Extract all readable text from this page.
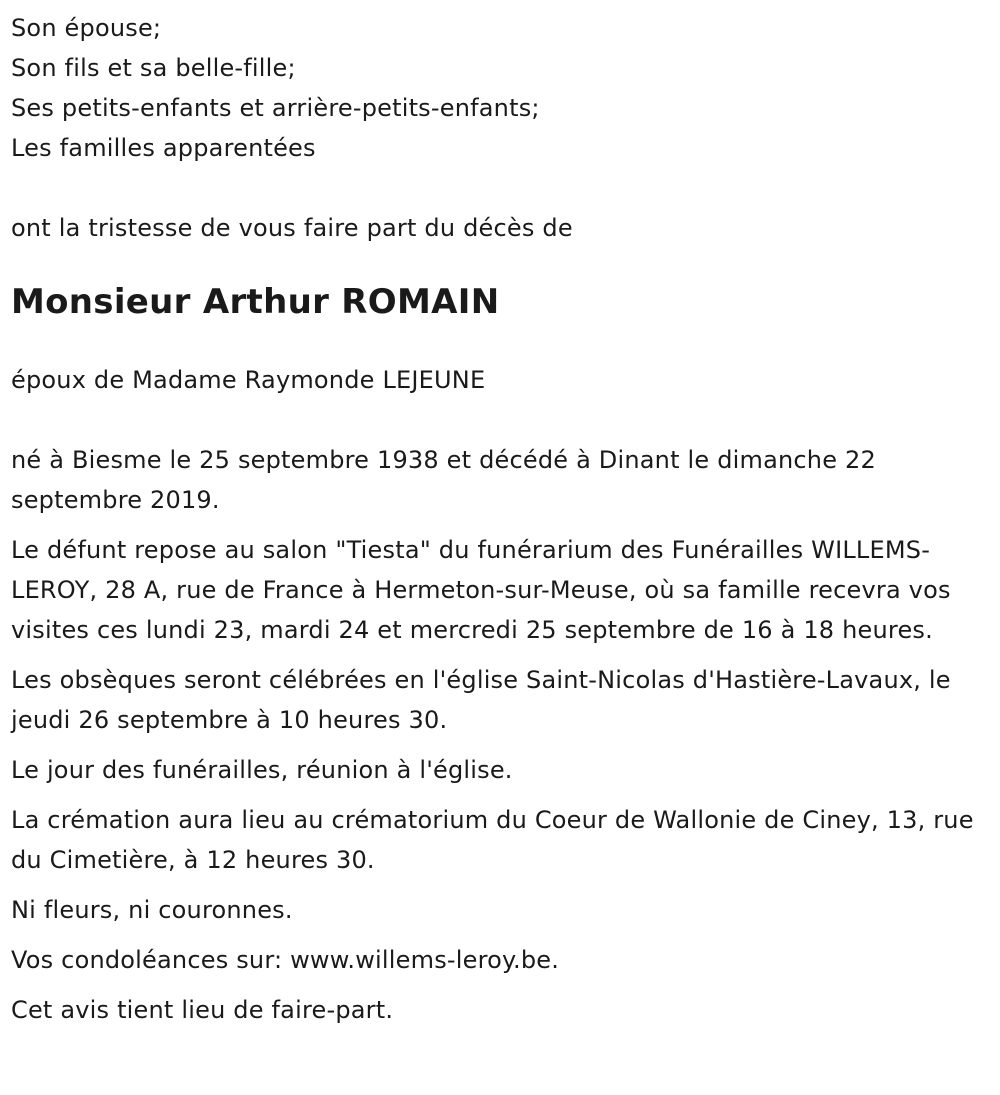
Son épouse;

Son fils et sa belle-fille;

Ses petits-enfants et arrière-petits-enfants;

Les familles apparentées

ont la tristesse de vous faire part du décès de

Monsieur Arthur ROMAIN

époux de Madame Raymonde LEJEUNE

né à Biesme le 25 septembre 1938 et décédé à Dinant le dimanche 22 septembre 2019.

Le défunt repose au salon "Tiesta" du funérarium des Funérailles WILLEMS-LEROY, 28 A, rue de France à Hermeton-sur-Meuse, où sa famille recevra vos visites ces lundi 23, mardi 24 et mercredi 25 septembre de 16 à 18 heures.

Les obsèques seront célébrées en l'église Saint-Nicolas d'Hastière-Lavaux, le jeudi 26 septembre à 10 heures 30.

Le jour des funérailles, réunion à l'église.

La crémation aura lieu au crématorium du Coeur de Wallonie de Ciney, 13, rue du Cimetière, à 12 heures 30.

Ni fleurs, ni couronnes.

Vos condoléances sur: www.willems-leroy.be.

Cet avis tient lieu de faire-part.
